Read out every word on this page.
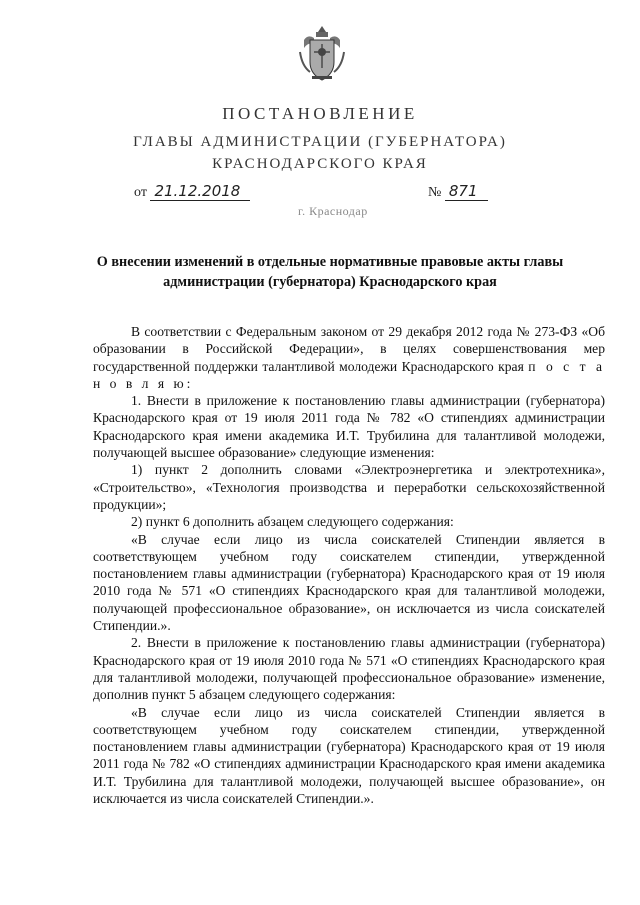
ПОСТАНОВЛЕНИЕ
ГЛАВЫ АДМИНИСТРАЦИИ (ГУБЕРНАТОРА)
КРАСНОДАРСКОГО КРАЯ
от 21.12.2018	№ 871
г. Краснодар
О внесении изменений в отдельные нормативные правовые акты главы
администрации (губернатора) Краснодарского края

В соответствии с Федеральным законом от 29 декабря 2012 года № 273-ФЗ «Об образовании в Российской Федерации», в целях совершенствования мер государственной поддержки талантливой молодежи Краснодарского края п о с т а н о в л я ю:

1. Внести в приложение к постановлению главы администрации (губернатора) Краснодарского края от 19 июля 2011 года № 782 «О стипендиях администрации Краснодарского края имени академика И.Т. Трубилина для талантливой молодежи, получающей высшее образование» следующие изменения:

1) пункт 2 дополнить словами «Электроэнергетика и электротехника», «Строительство», «Технология производства и переработки сельскохозяйственной продукции»;

2) пункт 6 дополнить абзацем следующего содержания:

«В случае если лицо из числа соискателей Стипендии является в соответствующем учебном году соискателем стипендии, утвержденной постановлением главы администрации (губернатора) Краснодарского края от 19 июля 2010 года № 571 «О стипендиях Краснодарского края для талантливой молодежи, получающей профессиональное образование», он исключается из числа соискателей Стипендии.».

2. Внести в приложение к постановлению главы администрации (губернатора) Краснодарского края от 19 июля 2010 года № 571 «О стипендиях Краснодарского края для талантливой молодежи, получающей профессиональное образование» изменение, дополнив пункт 5 абзацем следующего содержания:

«В случае если лицо из числа соискателей Стипендии является в соответствующем учебном году соискателем стипендии, утвержденной постановлением главы администрации (губернатора) Краснодарского края от 19 июля 2011 года № 782 «О стипендиях администрации Краснодарского края имени академика И.Т. Трубилина для талантливой молодежи, получающей высшее образование», он исключается из числа соискателей Стипендии.».
